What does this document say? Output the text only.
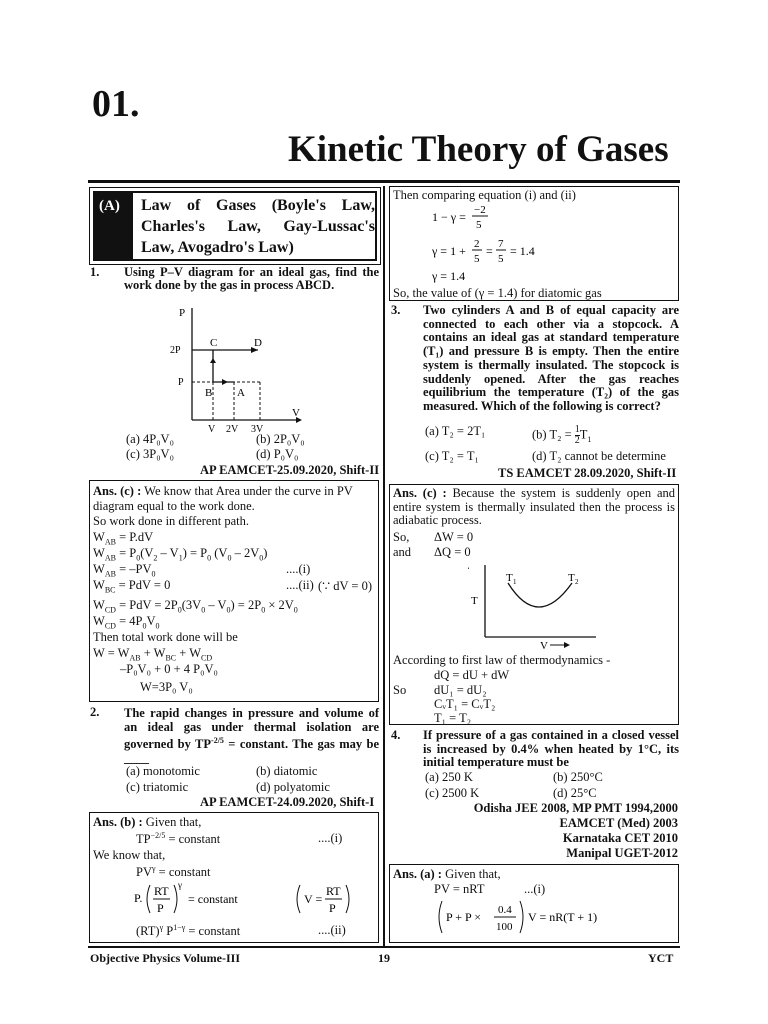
01.
Kinetic Theory of Gases
(A) Law of Gases (Boyle's Law, Charles's Law, Gay-Lussac's Law, Avogadro's Law)
1. Using P–V diagram for an ideal gas, find the work done by the gas in process ABCD.
P
V
2P
P
C	D
B A
V 2V 3V
(a) 4P₀V₀	(b) 2P₀V₀
(c) 3P₀V₀	(d) P₀V₀
AP EAMCET-25.09.2020, Shift-II
Ans. (c) : We know that Area under the curve in PV
diagram equal to the work done.
So work done in different path.
$W_{AB} = P.dV$
$W_{AB} = P_0(V_2 - V_1) = P_0$ $(V_0 - 2V_0)$
$W_{AB} = -PV_0$	....(i)
$W_{BC}$ = PdV = 0	....(ii) (∵ dV = 0)
$W_{CD}$ = PdV = $2P_0(3V_0 - V_0) = 2P_0 \times 2V_0$
$W_{CD} = 4P_0V_0$
Then total work done will be
$W = W_{AB} + W_{BC} + W_{CD}$
–P₀V₀ + 0 + 4 P₀V₀
W=3P₀ V₀
2. The rapid changes in pressure and volume of an ideal gas under thermal isolation are governed by $TP^{-2/5}$ = constant. The gas may be ____
(a) monotomic	(b) diatomic
(c) triatomic	(d) polyatomic
AP EAMCET-24.09.2020, Shift-I
Ans. (b) : Given that,
$TP^{-2/5}$ = constant	....(i)
We know that,
$PV^\gamma$ = constant
P. RT
P
γ
= constant	V =
RT
P
(RT)$^\gamma$ $P^{1-\gamma}$ = constant	....(ii)
Then comparing equation (i) and (ii)
1 − γ = −2
5
γ = 1 + 2
5
= 7
5
= 1.4
γ = 1.4
So, the value of (γ = 1.4) for diatomic gas
3. Two cylinders A and B of equal capacity are connected to each other via a stopcock. A contains an ideal gas at standard temperature (T₁) and pressure B is empty. Then the entire system is thermally insulated. The stopcock is suddenly opened. After the gas reaches equilibrium the temperature (T₂) of the gas measured. Which of the following is correct?
(a) T₂ = 2T₁	(b) $T_2 = \frac{1}{2} T_1$
(c) T₂ = T₁	(d) T₂ cannot be determine
TS EAMCET 28.09.2020, Shift-II
Ans. (c) : Because the system is suddenly open and entire system is thermally insulated then the process is adiabatic process.
So, ΔW = 0
and ΔQ = 0
T
T 1	T 2
V
According to first law of thermodynamics -
dQ = dU + dW
So dU₁ = dU₂
CᵥT₁ = CᵥT₂
T₁ = T₂
4. If pressure of a gas contained in a closed vessel is increased by 0.4% when heated by 1°C, its initial temperature must be
(a) 250 K	(b) 250°C
(c) 2500 K	(d) 25°C
Odisha JEE 2008, MP PMT 1994,2000
EAMCET (Med) 2003
Karnataka CET 2010
Manipal UGET-2012
Ans. (a) : Given that,
PV = nRT	...(i)
P + P × 0.4
100
V = nR(T + 1)
Objective Physics Volume-III	19	YCT
